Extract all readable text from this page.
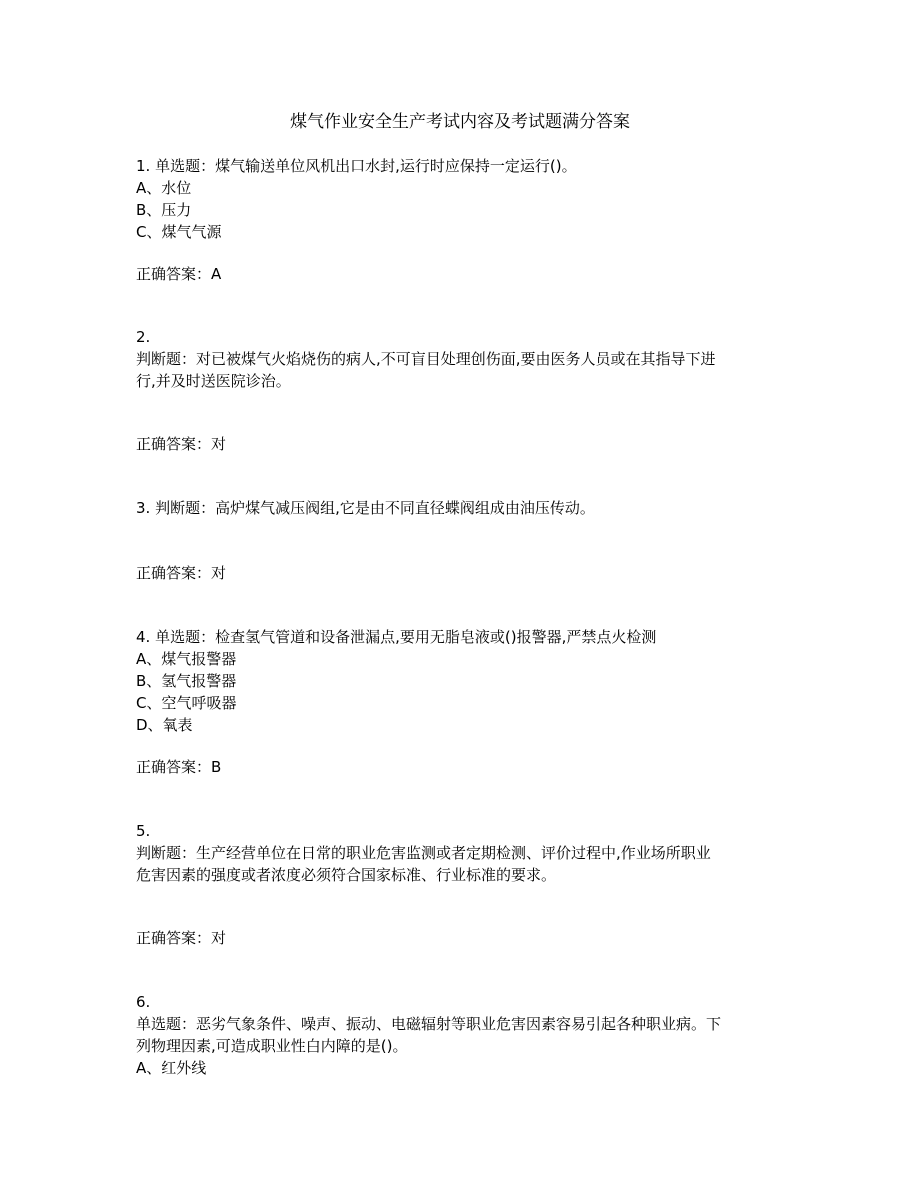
煤气作业安全生产考试内容及考试题满分答案
1. 单选题：煤气输送单位风机出口水封,运行时应保持一定运行()。
A、水位
B、压力
C、煤气气源
正确答案：A
2.
判断题：对已被煤气火焰烧伤的病人,不可盲目处理创伤面,要由医务人员或在其指导下进
行,并及时送医院诊治。
正确答案：对
3. 判断题：高炉煤气减压阀组,它是由不同直径蝶阀组成由油压传动。
正确答案：对
4. 单选题：检查氢气管道和设备泄漏点,要用无脂皂液或()报警器,严禁点火检测
A、煤气报警器
B、氢气报警器
C、空气呼吸器
D、氧表
正确答案：B
5.
判断题：生产经营单位在日常的职业危害监测或者定期检测、评价过程中,作业场所职业
危害因素的强度或者浓度必须符合国家标准、行业标准的要求。
正确答案：对
6.
单选题：恶劣气象条件、噪声、振动、电磁辐射等职业危害因素容易引起各种职业病。下
列物理因素,可造成职业性白内障的是()。
A、红外线
